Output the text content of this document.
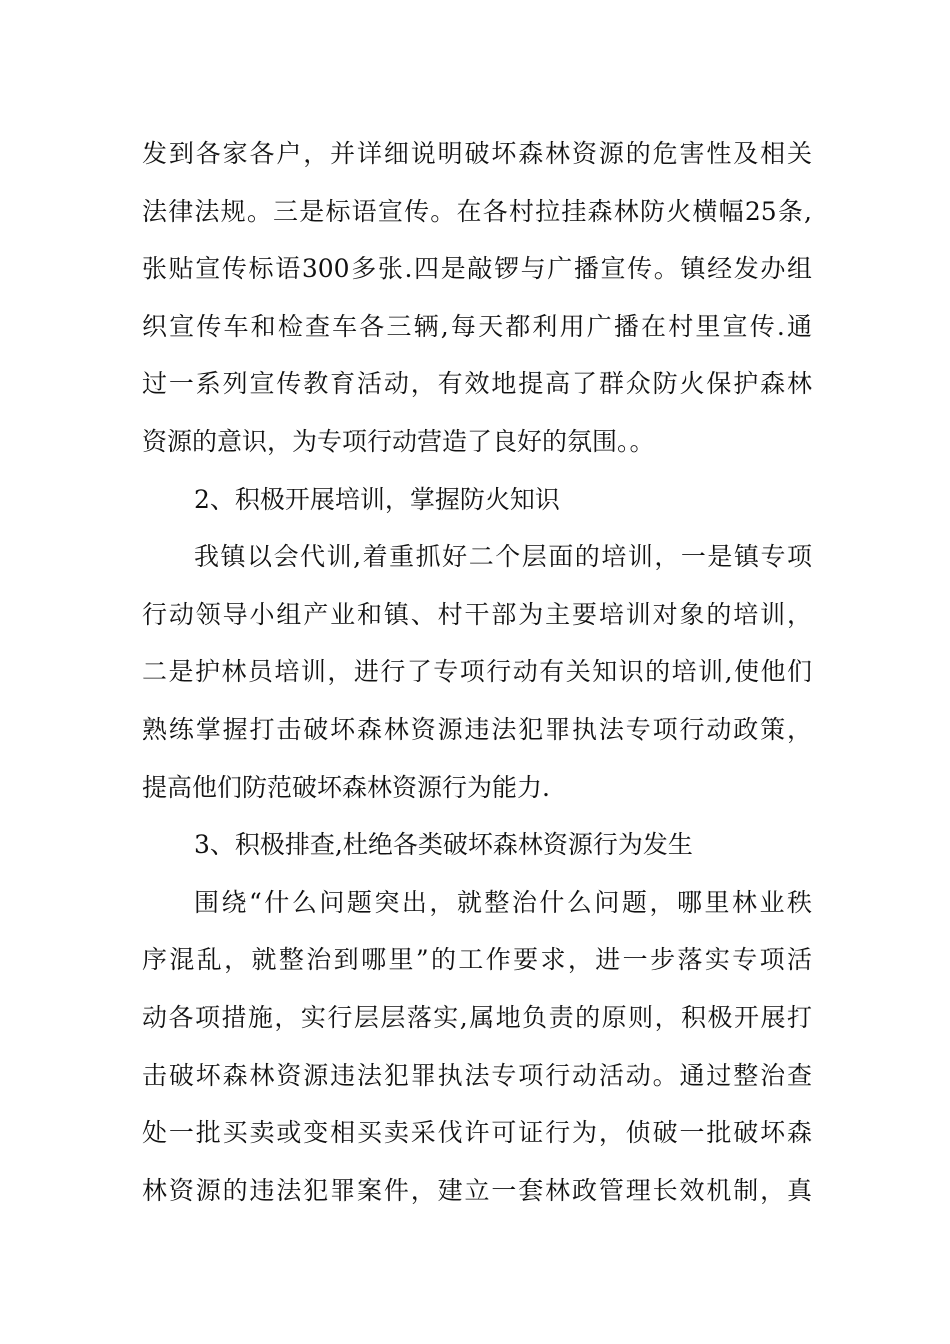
发到各家各户，并详细说明破坏森林资源的危害性及相关
法律法规。三是标语宣传。在各村拉挂森林防火横幅25条,
张贴宣传标语300多张.四是敲锣与广播宣传。镇经发办组
织宣传车和检查车各三辆,每天都利用广播在村里宣传.通
过一系列宣传教育活动，有效地提高了群众防火保护森林
资源的意识，为专项行动营造了良好的氛围。。
2、积极开展培训，掌握防火知识
我镇以会代训,着重抓好二个层面的培训，一是镇专项
行动领导小组产业和镇、村干部为主要培训对象的培训，
二是护林员培训，进行了专项行动有关知识的培训,使他们
熟练掌握打击破坏森林资源违法犯罪执法专项行动政策，
提高他们防范破坏森林资源行为能力.
3、积极排查,杜绝各类破坏森林资源行为发生
围绕“什么问题突出，就整治什么问题，哪里林业秩
序混乱，就整治到哪里”的工作要求，进一步落实专项活
动各项措施，实行层层落实,属地负责的原则，积极开展打
击破坏森林资源违法犯罪执法专项行动活动。通过整治查
处一批买卖或变相买卖采伐许可证行为，侦破一批破坏森
林资源的违法犯罪案件，建立一套林政管理长效机制，真
